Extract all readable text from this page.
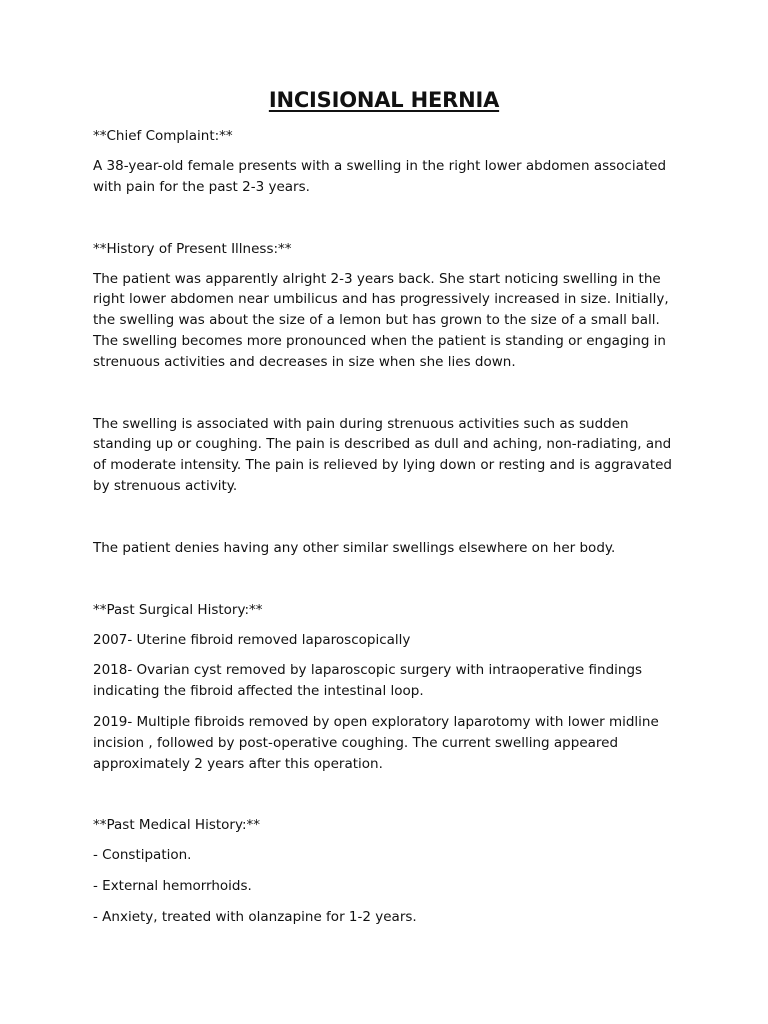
INCISIONAL HERNIA
**Chief Complaint:**
A 38-year-old female presents with a swelling in the right lower abdomen associated with pain for the past 2-3 years.
**History of Present Illness:**
The patient was apparently alright 2-3 years back. She start noticing swelling in the right lower abdomen near umbilicus and has progressively increased in size. Initially, the swelling was about the size of a lemon but has grown to the size of a small ball. The swelling becomes more pronounced when the patient is standing or engaging in strenuous activities and decreases in size when she lies down.
The swelling is associated with pain during strenuous activities such as sudden standing up or coughing. The pain is described as dull and aching, non-radiating, and of moderate intensity. The pain is relieved by lying down or resting and is aggravated by strenuous activity.
The patient denies having any other similar swellings elsewhere on her body.
**Past Surgical History:**
2007- Uterine fibroid removed laparoscopically
2018- Ovarian cyst removed by laparoscopic surgery with intraoperative findings indicating the fibroid affected the intestinal loop.
2019- Multiple fibroids removed by open exploratory laparotomy with lower midline incision , followed by post-operative coughing. The current swelling appeared approximately 2 years after this operation.
**Past Medical History:**
- Constipation.
- External hemorrhoids.
- Anxiety, treated with olanzapine for 1-2 years.
